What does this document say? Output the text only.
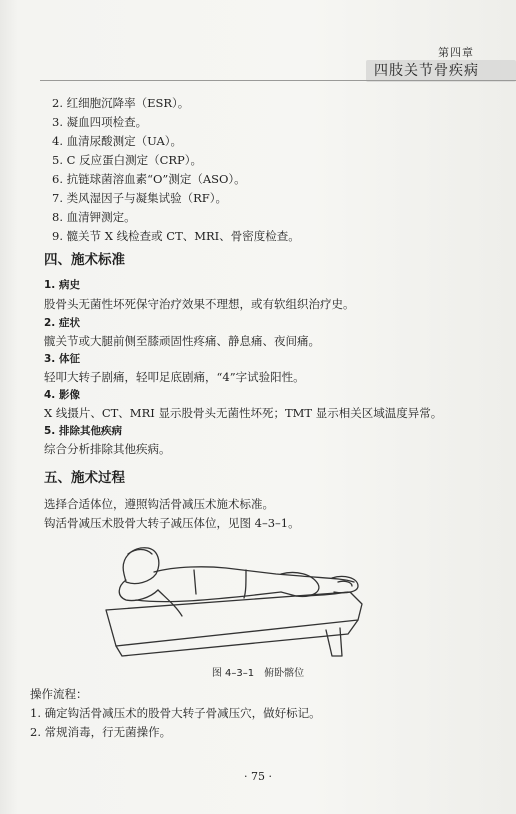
第四章
四肢关节骨疾病
2. 红细胞沉降率（ESR）。
3. 凝血四项检查。
4. 血清尿酸测定（UA）。
5. C 反应蛋白测定（CRP）。
6. 抗链球菌溶血素“O”测定（ASO）。
7. 类风湿因子与凝集试验（RF）。
8. 血清钾测定。
9. 髋关节 X 线检查或 CT、MRI、骨密度检查。
四、施术标准
1. 病史
股骨头无菌性坏死保守治疗效果不理想，或有软组织治疗史。
2. 症状
髋关节或大腿前侧至膝顽固性疼痛、静息痛、夜间痛。
3. 体征
轻叩大转子剧痛，轻叩足底剧痛，“4”字试验阳性。
4. 影像
X 线摄片、CT、MRI 显示股骨头无菌性坏死；TMT 显示相关区域温度异常。
5. 排除其他疾病
综合分析排除其他疾病。
五、施术过程
选择合适体位，遵照钩活骨减压术施术标准。
钩活骨减压术股骨大转子减压体位，见图 4–3–1。
图 4–3–1　俯卧髂位
操作流程：
1. 确定钩活骨减压术的股骨大转子骨减压穴，做好标记。
2. 常规消毒，行无菌操作。
· 75 ·
